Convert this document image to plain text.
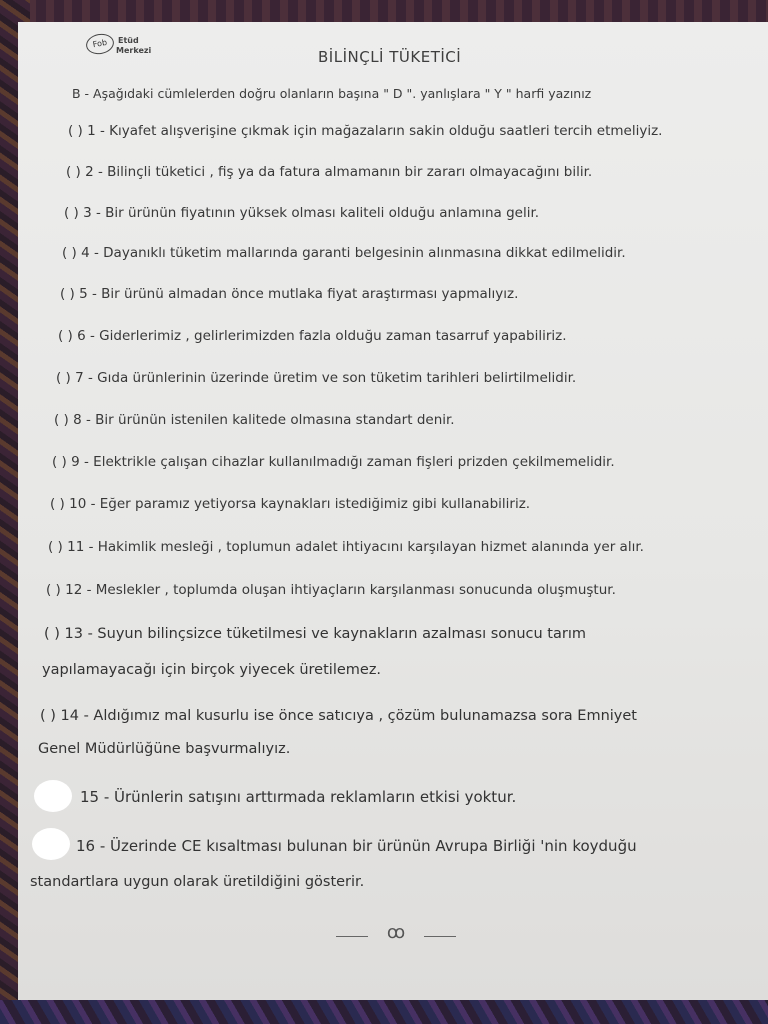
Fob	Etüd
Merkezi	BİLİNÇLİ TÜKETİCİ
B - Aşağıdaki cümlelerden doğru olanların başına " D ". yanlışlara " Y " harfi yazınız
( ) 1 - Kıyafet alışverişine çıkmak için mağazaların sakin olduğu saatleri tercih etmeliyiz.
( ) 2 - Bilinçli tüketici , fiş ya da fatura almamanın bir zararı olmayacağını bilir.
( ) 3 - Bir ürünün fiyatının yüksek olması kaliteli olduğu anlamına gelir.
( ) 4 - Dayanıklı tüketim mallarında garanti belgesinin alınmasına dikkat edilmelidir.
( ) 5 - Bir ürünü almadan önce mutlaka fiyat araştırması yapmalıyız.
( ) 6 - Giderlerimiz , gelirlerimizden fazla olduğu zaman tasarruf yapabiliriz.
( ) 7 - Gıda ürünlerinin üzerinde üretim ve son tüketim tarihleri belirtilmelidir.
( ) 8 - Bir ürünün istenilen kalitede olmasına standart denir.
( ) 9 - Elektrikle çalışan cihazlar kullanılmadığı zaman fişleri prizden çekilmemelidir.
( ) 10 - Eğer paramız yetiyorsa kaynakları istediğimiz gibi kullanabiliriz.
( ) 11 - Hakimlik mesleği , toplumun adalet ihtiyacını karşılayan hizmet alanında yer alır.
( ) 12 - Meslekler , toplumda oluşan ihtiyaçların karşılanması sonucunda oluşmuştur.
( ) 13 - Suyun bilinçsizce tüketilmesi ve kaynakların azalması sonucu tarım
yapılamayacağı için birçok yiyecek üretilemez.
( ) 14 - Aldığımız mal kusurlu ise önce satıcıya , çözüm bulunamazsa sora Emniyet
Genel Müdürlüğüne başvurmalıyız.
15 - Ürünlerin satışını arttırmada reklamların etkisi yoktur.
16 - Üzerinde CE kısaltması bulunan bir ürünün Avrupa Birliği 'nin koyduğu
standartlara uygun olarak üretildiğini gösterir.
ꝏ
